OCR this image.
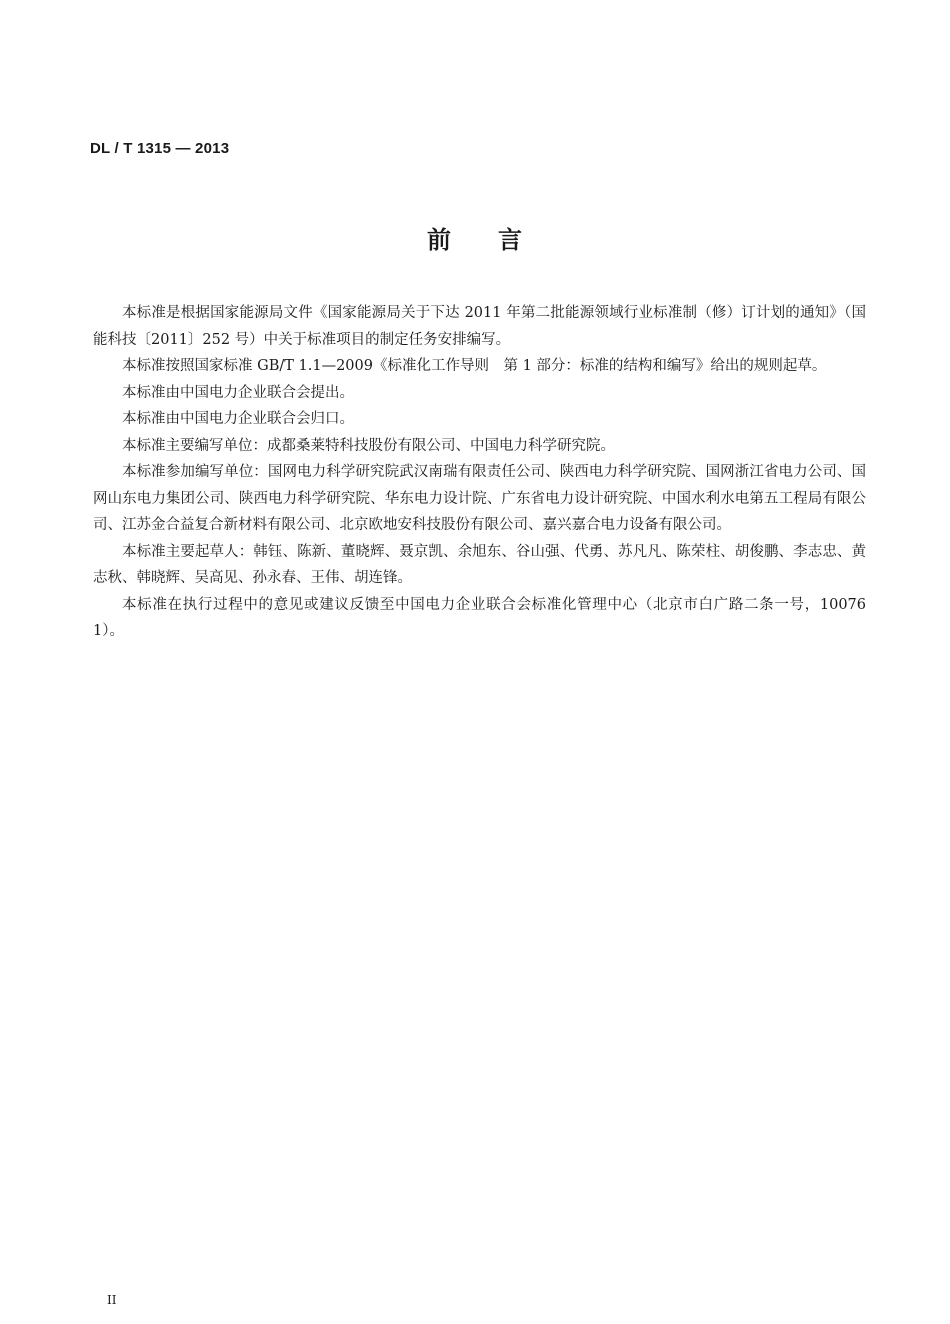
DL / T 1315 — 2013
前 言

本标准是根据国家能源局文件《国家能源局关于下达 2011 年第二批能源领域行业标准制（修）订计划的通知》（国能科技〔2011〕252 号）中关于标准项目的制定任务安排编写。

本标准按照国家标准 GB/T 1.1—2009《标准化工作导则　第 1 部分：标准的结构和编写》给出的规则起草。

本标准由中国电力企业联合会提出。

本标准由中国电力企业联合会归口。

本标准主要编写单位：成都桑莱特科技股份有限公司、中国电力科学研究院。

本标准参加编写单位：国网电力科学研究院武汉南瑞有限责任公司、陕西电力科学研究院、国网浙江省电力公司、国网山东电力集团公司、陕西电力科学研究院、华东电力设计院、广东省电力设计研究院、中国水利水电第五工程局有限公司、江苏金合益复合新材料有限公司、北京欧地安科技股份有限公司、嘉兴嘉合电力设备有限公司。

本标准主要起草人：韩钰、陈新、董晓辉、聂京凯、余旭东、谷山强、代勇、苏凡凡、陈荣柱、胡俊鹏、李志忠、黄志秋、韩晓辉、吴高见、孙永春、王伟、胡连锋。

本标准在执行过程中的意见或建议反馈至中国电力企业联合会标准化管理中心（北京市白广路二条一号，100761）。

II
